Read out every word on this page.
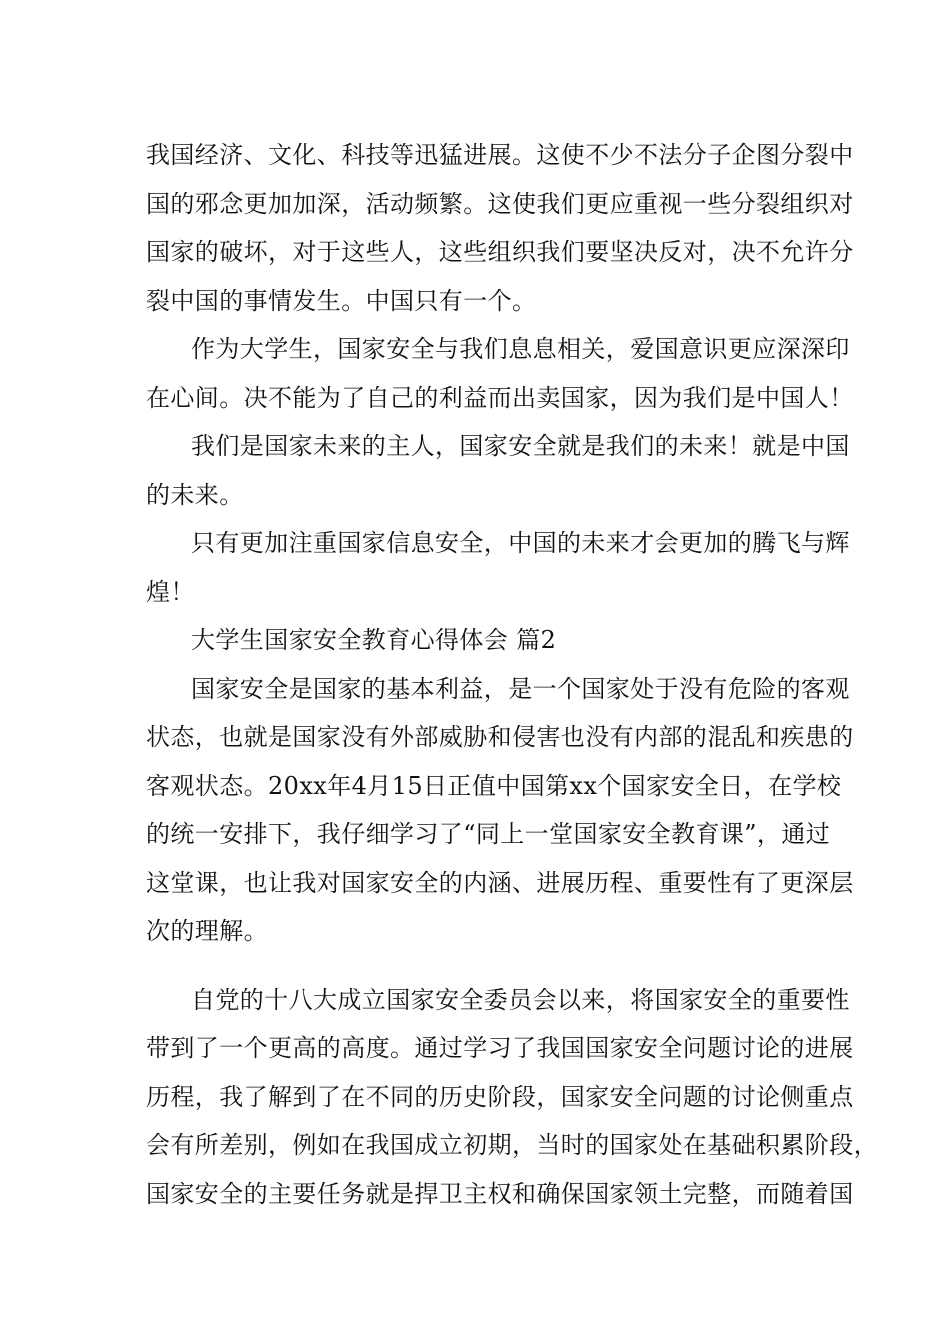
我国经济、文化、科技等迅猛进展。这使不少不法分子企图分裂中

国的邪念更加加深，活动频繁。这使我们更应重视一些分裂组织对

国家的破坏，对于这些人，这些组织我们要坚决反对，决不允许分

裂中国的事情发生。中国只有一个。

作为大学生，国家安全与我们息息相关，爱国意识更应深深印

在心间。决不能为了自己的利益而出卖国家，因为我们是中国人！

我们是国家未来的主人，国家安全就是我们的未来！就是中国

的未来。

只有更加注重国家信息安全，中国的未来才会更加的腾飞与辉

煌！

大学生国家安全教育心得体会 篇2

国家安全是国家的基本利益，是一个国家处于没有危险的客观

状态，也就是国家没有外部威胁和侵害也没有内部的混乱和疾患的

客观状态。20xx年4月15日正值中国第xx个国家安全日，在学校

的统一安排下，我仔细学习了“同上一堂国家安全教育课”，通过

这堂课，也让我对国家安全的内涵、进展历程、重要性有了更深层

次的理解。

自党的十八大成立国家安全委员会以来，将国家安全的重要性

带到了一个更高的高度。通过学习了我国国家安全问题讨论的进展

历程，我了解到了在不同的历史阶段，国家安全问题的讨论侧重点

会有所差别，例如在我国成立初期，当时的国家处在基础积累阶段，

国家安全的主要任务就是捍卫主权和确保国家领土完整，而随着国
